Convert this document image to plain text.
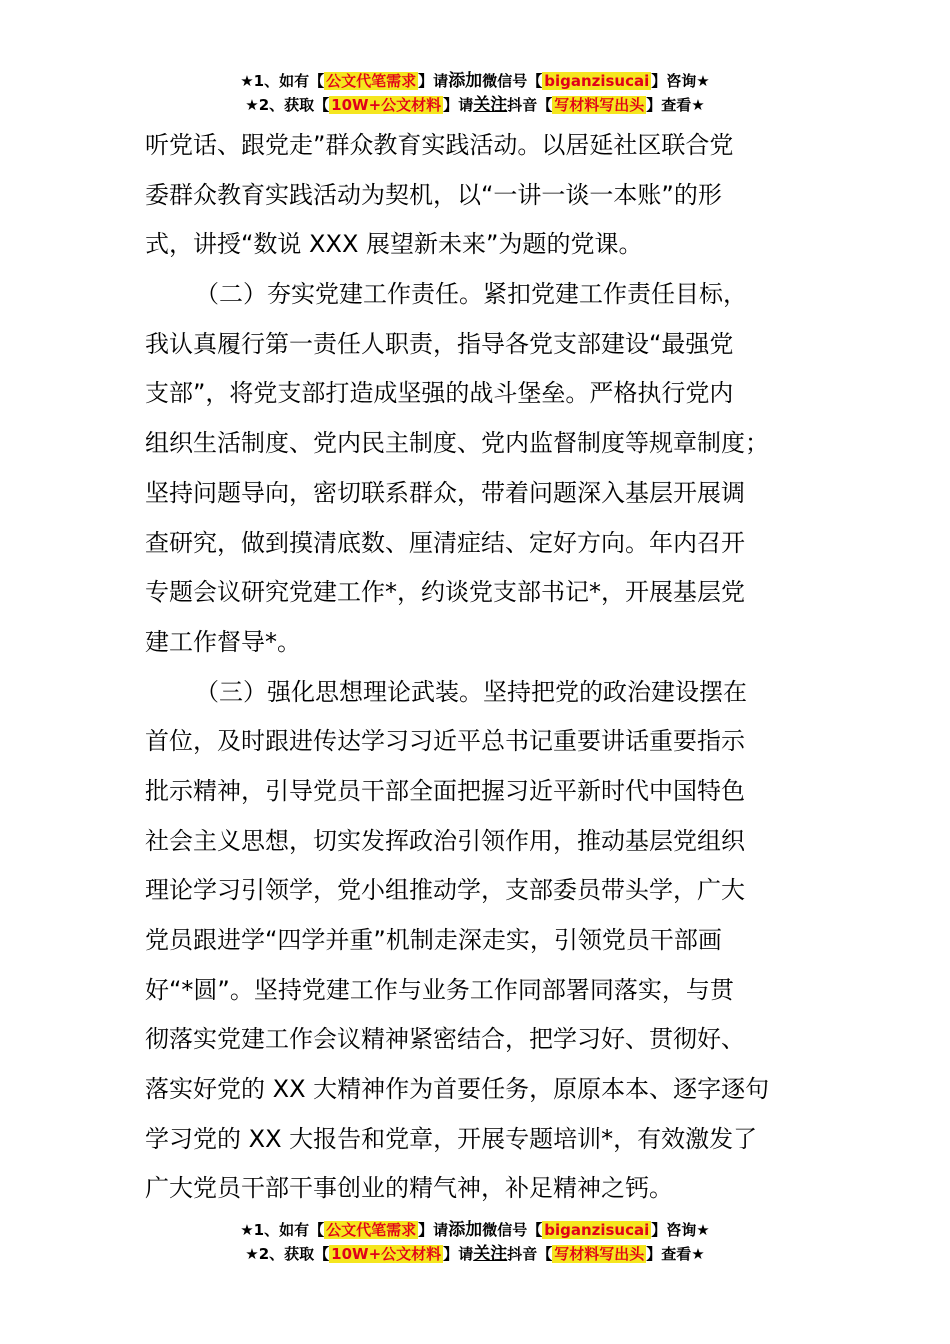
★1、如有【 公文代笔需求 】请添加微信号【 biganzisucai 】咨询★
★2、获取【 10W+公文材料 】请关注抖音【 写材料写出头 】查看★
听党话、跟党走”群众教育实践活动。以居延社区联合党
委群众教育实践活动为契机，以“一讲一谈一本账”的形
式，讲授“数说 XXX 展望新未来”为题的党课。
（二）夯实党建工作责任。紧扣党建工作责任目标，
我认真履行第一责任人职责，指导各党支部建设“最强党
支部”，将党支部打造成坚强的战斗堡垒。严格执行党内
组织生活制度、党内民主制度、党内监督制度等规章制度；
坚持问题导向，密切联系群众，带着问题深入基层开展调
查研究，做到摸清底数、厘清症结、定好方向。年内召开
专题会议研究党建工作*，约谈党支部书记*，开展基层党
建工作督导*。
（三）强化思想理论武装。坚持把党的政治建设摆在
首位，及时跟进传达学习习近平总书记重要讲话重要指示
批示精神，引导党员干部全面把握习近平新时代中国特色
社会主义思想，切实发挥政治引领作用，推动基层党组织
理论学习引领学，党小组推动学，支部委员带头学，广大
党员跟进学“四学并重”机制走深走实，引领党员干部画
好“*圆”。坚持党建工作与业务工作同部署同落实，与贯
彻落实党建工作会议精神紧密结合，把学习好、贯彻好、
落实好党的 XX 大精神作为首要任务，原原本本、逐字逐句
学习党的 XX 大报告和党章，开展专题培训*，有效激发了
广大党员干部干事创业的精气神，补足精神之钙。
★1、如有【 公文代笔需求 】请添加微信号【 biganzisucai 】咨询★
★2、获取【 10W+公文材料 】请关注抖音【 写材料写出头 】查看★
